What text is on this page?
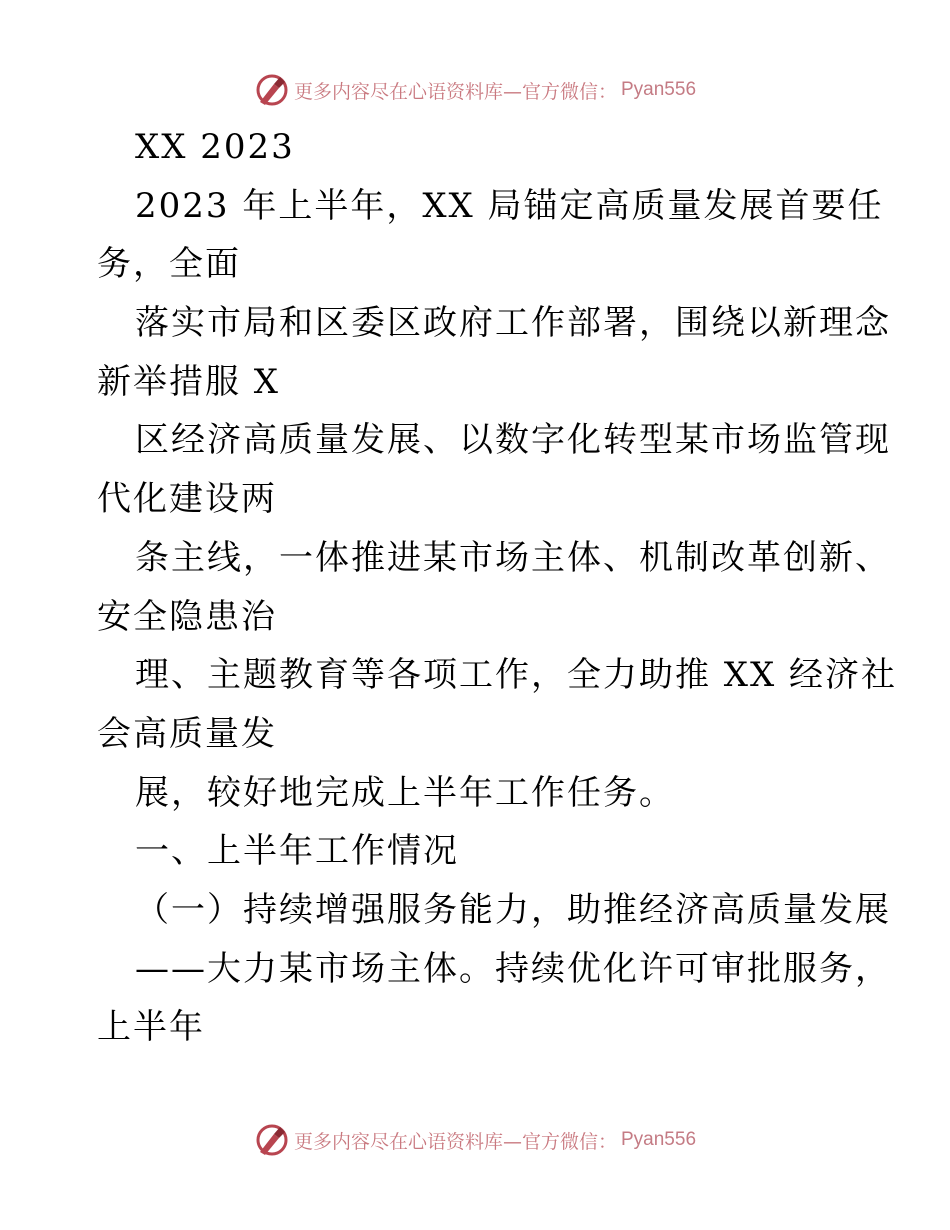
更多内容尽在心语资料库—官方微信： Pyan556

XX 2023

2023 年上半年，XX 局锚定高质量发展首要任

务，全面

落实市局和区委区政府工作部署，围绕以新理念

新举措服 X

区经济高质量发展、以数字化转型某市场监管现

代化建设两

条主线，一体推进某市场主体、机制改革创新、

安全隐患治

理、主题教育等各项工作，全力助推 XX 经济社

会高质量发

展，较好地完成上半年工作任务。

一、上半年工作情况

（一）持续增强服务能力，助推经济高质量发展

——大力某市场主体。持续优化许可审批服务，

上半年

更多内容尽在心语资料库—官方微信： Pyan556
